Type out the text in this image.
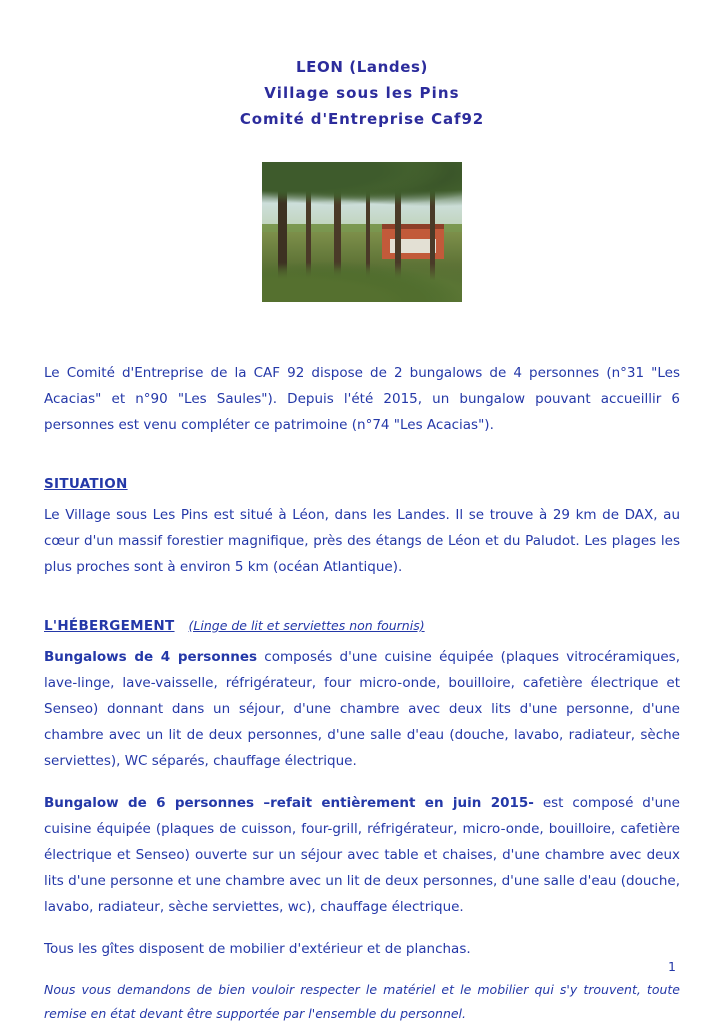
LEON (Landes)
Village sous les Pins
Comité d'Entreprise Caf92
Le Comité d'Entreprise de la CAF 92 dispose de 2 bungalows de 4 personnes (n°31 "Les Acacias" et n°90 "Les Saules"). Depuis l'été 2015, un bungalow pouvant accueillir 6 personnes est venu compléter ce patrimoine (n°74 "Les Acacias").
SITUATION
Le Village sous Les Pins est situé à Léon, dans les Landes. Il se trouve à 29 km de DAX, au cœur d'un massif forestier magnifique, près des étangs de Léon et du Paludot. Les plages les plus proches sont à environ 5 km (océan Atlantique).
L'HÉBERGEMENT (Linge de lit et serviettes non fournis)
Bungalows de 4 personnes composés d'une cuisine équipée (plaques vitrocéramiques, lave-linge, lave-vaisselle, réfrigérateur, four micro-onde, bouilloire, cafetière électrique et Senseo) donnant dans un séjour, d'une chambre avec deux lits d'une personne, d'une chambre avec un lit de deux personnes, d'une salle d'eau (douche, lavabo, radiateur, sèche serviettes), WC séparés, chauffage électrique.
Bungalow de 6 personnes –refait entièrement en juin 2015- est composé d'une cuisine équipée (plaques de cuisson, four-grill, réfrigérateur, micro-onde, bouilloire, cafetière électrique et Senseo) ouverte sur un séjour avec table et chaises, d'une chambre avec deux lits d'une personne et une chambre avec un lit de deux personnes, d'une salle d'eau (douche, lavabo, radiateur, sèche serviettes, wc), chauffage électrique.
Tous les gîtes disposent de mobilier d'extérieur et de planchas.
Nous vous demandons de bien vouloir respecter le matériel et le mobilier qui s'y trouvent, toute remise en état devant être supportée par l'ensemble du personnel.
1
